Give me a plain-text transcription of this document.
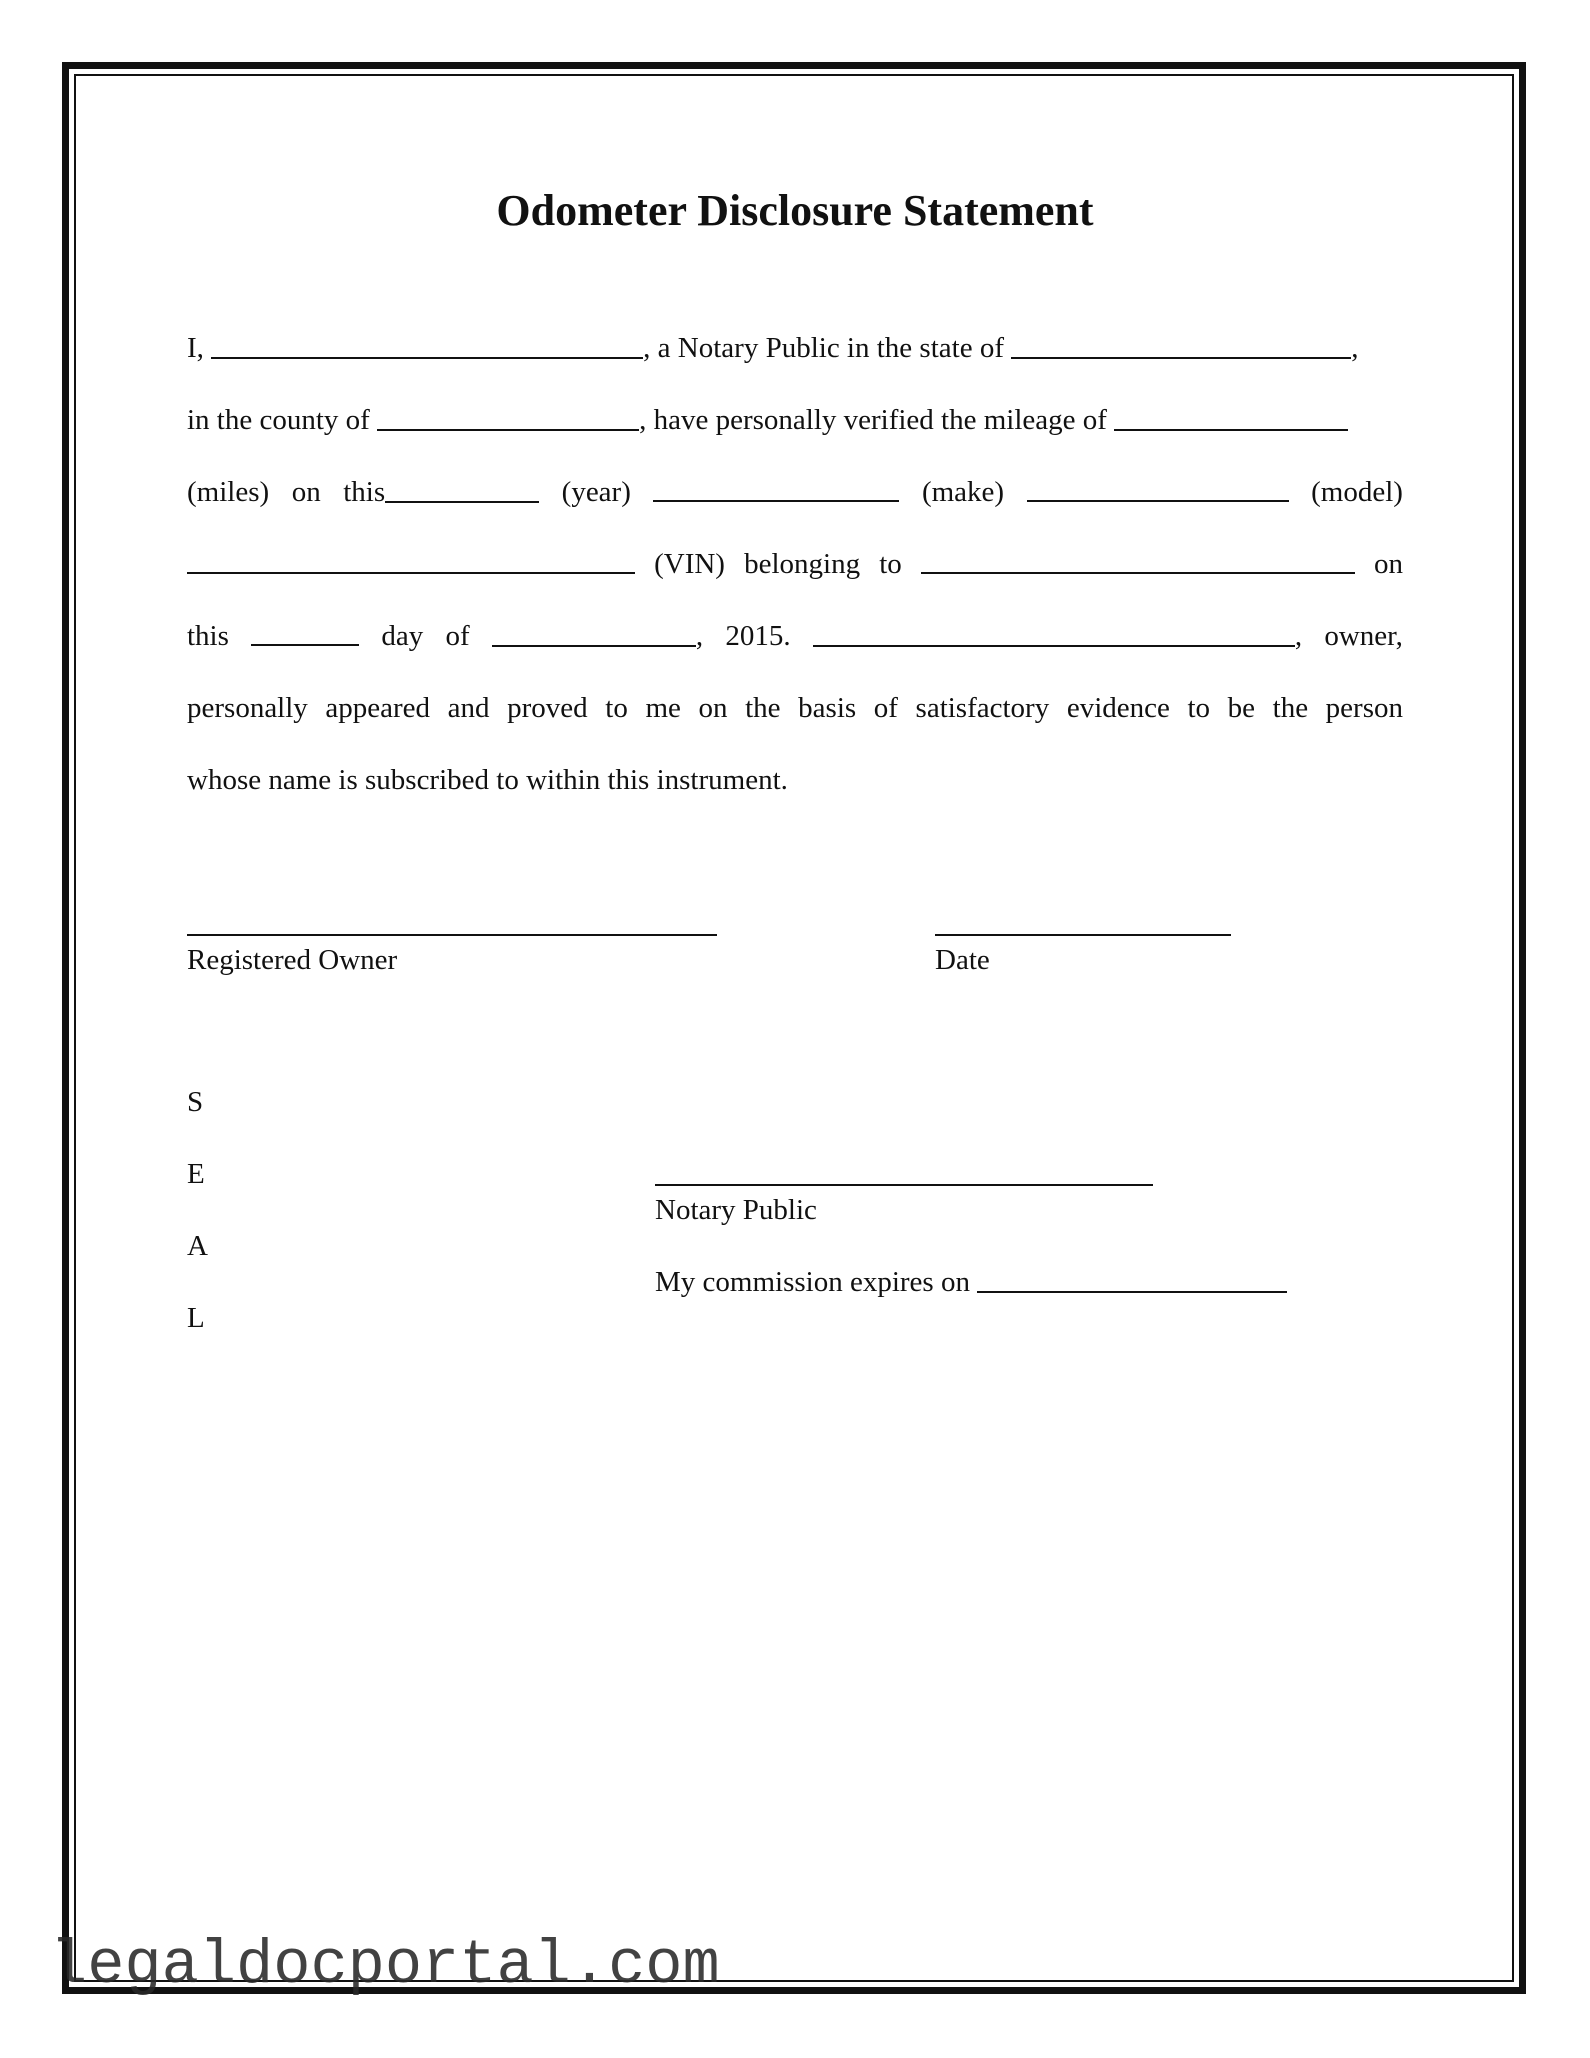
Odometer Disclosure Statement
I,	, a Notary Public in the state of	,
in the county of	, have personally verified the mileage of
(miles) on this	(year)	(make)	(model)
(VIN) belonging to	on
this	day of	, 2015.	, owner,
personally appeared and proved to me on the basis of satisfactory evidence to be the person
whose name is subscribed to within this instrument.
Registered Owner	Date
S
E
A
L
Notary Public
My commission expires on
legaldocportal.com
